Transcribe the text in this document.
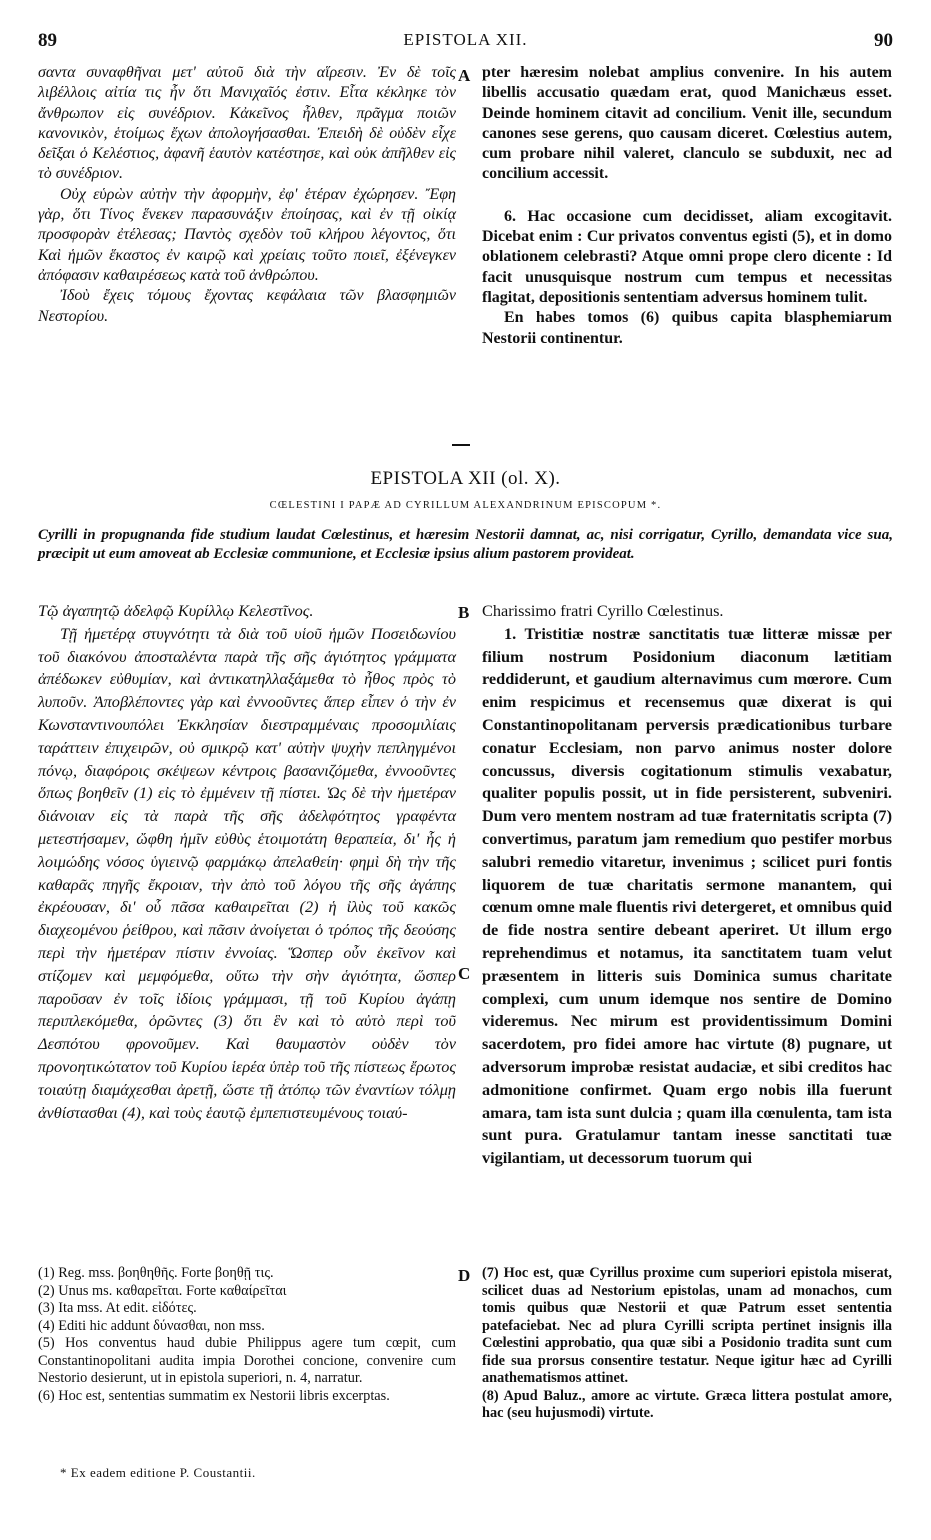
89	EPISTOLA XII.	90

σαντα συναφθῆναι μετ' αὐτοῦ διὰ τὴν αἵρεσιν. Ἐν δὲ τοῖς λιβέλλοις αἰτία τις ἦν ὅτι Μανιχαῖός ἐστιν. Εἶτα κέκληκε τὸν ἄνθρωπον εἰς συνέδριον. Κἀκεῖνος ἦλθεν, πρᾶγμα ποιῶν κανονικὸν, ἑτοίμως ἔχων ἀπολογήσασθαι. Ἐπειδὴ δὲ οὐδὲν εἶχε δεῖξαι ὁ Κελέστιος, ἀφανῆ ἑαυτὸν κατέστησε, καὶ οὐκ ἀπῆλθεν εἰς τὸ συνέδριον.

Οὐχ εὑρὼν αὐτὴν τὴν ἀφορμὴν, ἐφ' ἑτέραν ἐχώρησεν. Ἔφη γὰρ, ὅτι Τίνος ἕνεκεν παρασυνάξιν ἐποίησας, καὶ ἐν τῇ οἰκίᾳ προσφορὰν ἐτέλεσας; Παντὸς σχεδὸν τοῦ κλήρου λέγοντος, ὅτι Καὶ ἡμῶν ἕκαστος ἐν καιρῷ καὶ χρείαις τοῦτο ποιεῖ, ἐξένεγκεν ἀπόφασιν καθαιρέσεως κατὰ τοῦ ἀνθρώπου.

Ἰδοὺ ἔχεις τόμους ἔχοντας κεφάλαια τῶν βλασφημιῶν Νεστορίου.

A pter hæresim nolebat amplius convenire. In his autem libellis accusatio quædam erat, quod Manichæus esset. Deinde hominem citavit ad concilium. Venit ille, secundum canones sese gerens, quo causam diceret. Cœlestius autem, cum probare nihil valeret, clanculo se subduxit, nec ad concilium accessit.

6. Hac occasione cum decidisset, aliam excogitavit. Dicebat enim : Cur privatos conventus egisti (5), et in domo oblationem celebrasti? Atque omni prope clero dicente : Id facit unusquisque nostrum cum tempus et necessitas flagitat, depositionis sententiam adversus hominem tulit.

En habes tomos (6) quibus capita blasphemiarum Nestorii continentur.

EPISTOLA XII (ol. X).
CŒLESTINI I PAPÆ AD CYRILLUM ALEXANDRINUM EPISCOPUM *.
Cyrilli in propugnanda fide studium laudat Cœlestinus, et hæresim Nestorii damnat, ac, nisi corrigatur, Cyrillo, demandata vice sua, præcipit ut eum amoveat ab Ecclesiæ communione, et Ecclesiæ ipsius alium pastorem provideat.

Τῷ ἀγαπητῷ ἀδελφῷ Κυρίλλῳ Κελεστῖνος.

Τῇ ἡμετέρᾳ στυγνότητι τὰ διὰ τοῦ υἱοῦ ἡμῶν Ποσειδωνίου τοῦ διακόνου ἀποσταλέντα παρὰ τῆς σῆς ἁγιότητος γράμματα ἀπέδωκεν εὐθυμίαν, καὶ ἀντικατηλλαξάμεθα τὸ ἦθος πρὸς τὸ λυποῦν. Ἀποβλέποντες γὰρ καὶ ἐννοοῦντες ἅπερ εἶπεν ὁ τὴν ἐν Κωνσταντινουπόλει Ἐκκλησίαν διεστραμμέναις προσομιλίαις ταράττειν ἐπιχειρῶν, οὐ σμικρῷ κατ' αὐτὴν ψυχὴν πεπληγμένοι πόνῳ, διαφόροις σκέψεων κέντροις βασανιζόμεθα, ἐννοοῦντες ὅπως βοηθεῖν (1) εἰς τὸ ἐμμένειν τῇ πίστει. Ὡς δὲ τὴν ἡμετέραν διάνοιαν εἰς τὰ παρὰ τῆς σῆς ἀδελφότητος γραφέντα μετεστήσαμεν, ὤφθη ἡμῖν εὐθὺς ἑτοιμοτάτη θεραπεία, δι' ἧς ἡ λοιμώδης νόσος ὑγιεινῷ φαρμάκῳ ἀπελαθείη· φημὶ δὴ τὴν τῆς καθαρᾶς πηγῆς ἔκροιαν, τὴν ἀπὸ τοῦ λόγου τῆς σῆς ἀγάπης ἐκρέουσαν, δι' οὗ πᾶσα καθαιρεῖται (2) ἡ ἰλὺς τοῦ κακῶς διαχεομένου ῥείθρου, καὶ πᾶσιν ἀνοίγεται ὁ τρόπος τῆς δεούσης περὶ τὴν ἡμετέραν πίστιν ἐννοίας. Ὥσπερ οὖν ἐκεῖνον καὶ στίζομεν καὶ μεμφόμεθα, οὕτω τὴν σὴν ἁγιότητα, ὥσπερ παροῦσαν ἐν τοῖς ἰδίοις γράμμασι, τῇ τοῦ Κυρίου ἀγάπῃ περιπλεκόμεθα, ὁρῶντες (3) ὅτι ἓν καὶ τὸ αὐτὸ περὶ τοῦ Δεσπότου φρονοῦμεν. Καὶ θαυμαστὸν οὐδὲν τὸν προνοητικώτατον τοῦ Κυρίου ἱερέα ὑπὲρ τοῦ τῆς πίστεως ἔρωτος τοιαύτῃ διαμάχεσθαι ἀρετῇ, ὥστε τῇ ἀτόπῳ τῶν ἐναντίων τόλμῃ ἀνθίστασθαι (4), καὶ τοὺς ἑαυτῷ ἐμπεπιστευμένους τοιαύ-

B
C

Charissimo fratri Cyrillo Cœlestinus.

1. Tristitiæ nostræ sanctitatis tuæ litteræ missæ per filium nostrum Posidonium diaconum lætitiam reddiderunt, et gaudium alternavimus cum mœrore. Cum enim respicimus et recensemus quæ dixerat is qui Constantinopolitanam perversis prædicationibus turbare conatur Ecclesiam, non parvo animus noster dolore concussus, diversis cogitationum stimulis vexabatur, qualiter populis possit, ut in fide persisterent, subveniri. Dum vero mentem nostram ad tuæ fraternitatis scripta (7) convertimus, paratum jam remedium quo pestifer morbus salubri remedio vitaretur, invenimus ; scilicet puri fontis liquorem de tuæ charitatis sermone manantem, qui cœnum omne male fluentis rivi detergeret, et omnibus quid de fide nostra sentire debeant aperiret. Ut illum ergo reprehendimus et notamus, ita sanctitatem tuam velut præsentem in litteris suis Dominica sumus charitate complexi, cum unum idemque nos sentire de Domino videremus. Nec mirum est providentissimum Domini sacerdotem, pro fidei amore hac virtute (8) pugnare, ut adversorum improbæ resistat audaciæ, et sibi creditos hac admonitione confirmet. Quam ergo nobis illa fuerunt amara, tam ista sunt dulcia ; quam illa cœnulenta, tam ista sunt pura. Gratulamur tantam inesse sanctitati tuæ vigilantiam, ut decessorum tuorum qui

(1) Reg. mss. βοηθηθῆς. Forte βοηθῇ τις.

(2) Unus ms. καθαρεῖται. Forte καθαίρεῖται

(3) Ita mss. At edit. εἰδότες.

(4) Editi hic addunt δύνασθαι, non mss.

(5) Hos conventus haud dubie Philippus agere tum cœpit, cum Constantinopolitani audita impia Dorothei concione, convenire cum Nestorio desierunt, ut in epistola superiori, n. 4, narratur.

(6) Hoc est, sententias summatim ex Nestorii libris excerptas.

D (7) Hoc est, quæ Cyrillus proxime cum superiori epistola miserat, scilicet duas ad Nestorium epistolas, unam ad monachos, cum tomis quibus quæ Nestorii et quæ Patrum esset sententia patefaciebat. Nec ad plura Cyrilli scripta pertinet insignis illa Cœlestini approbatio, qua quæ sibi a Posidonio tradita sunt cum fide sua prorsus consentire testatur. Neque igitur hæc ad Cyrilli anathematismos attinet.

(8) Apud Baluz., amore ac virtute. Græca littera postulat amore, hac (seu hujusmodi) virtute.

* Ex eadem editione P. Coustantii.
